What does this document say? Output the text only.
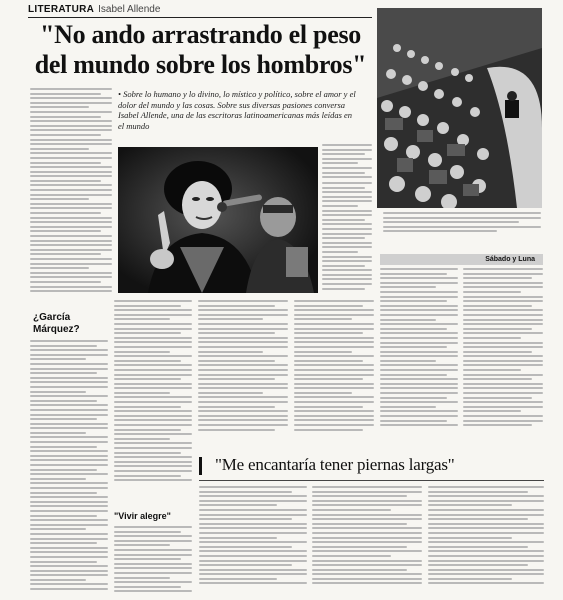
LITERATURA Isabel Allende
"No ando arrastrando el peso del mundo sobre los hombros"
• Sobre lo humano y lo divino, lo místico y político, sobre el amor y el dolor del mundo y las cosas. Sobre sus diversas pasiones conversa Isabel Allende, una de las escritoras latinoamericanas más leídas en el mundo
Sábado y Luna
¿García Márquez?
"Vivir alegre"
"Me encantaría tener piernas largas"
